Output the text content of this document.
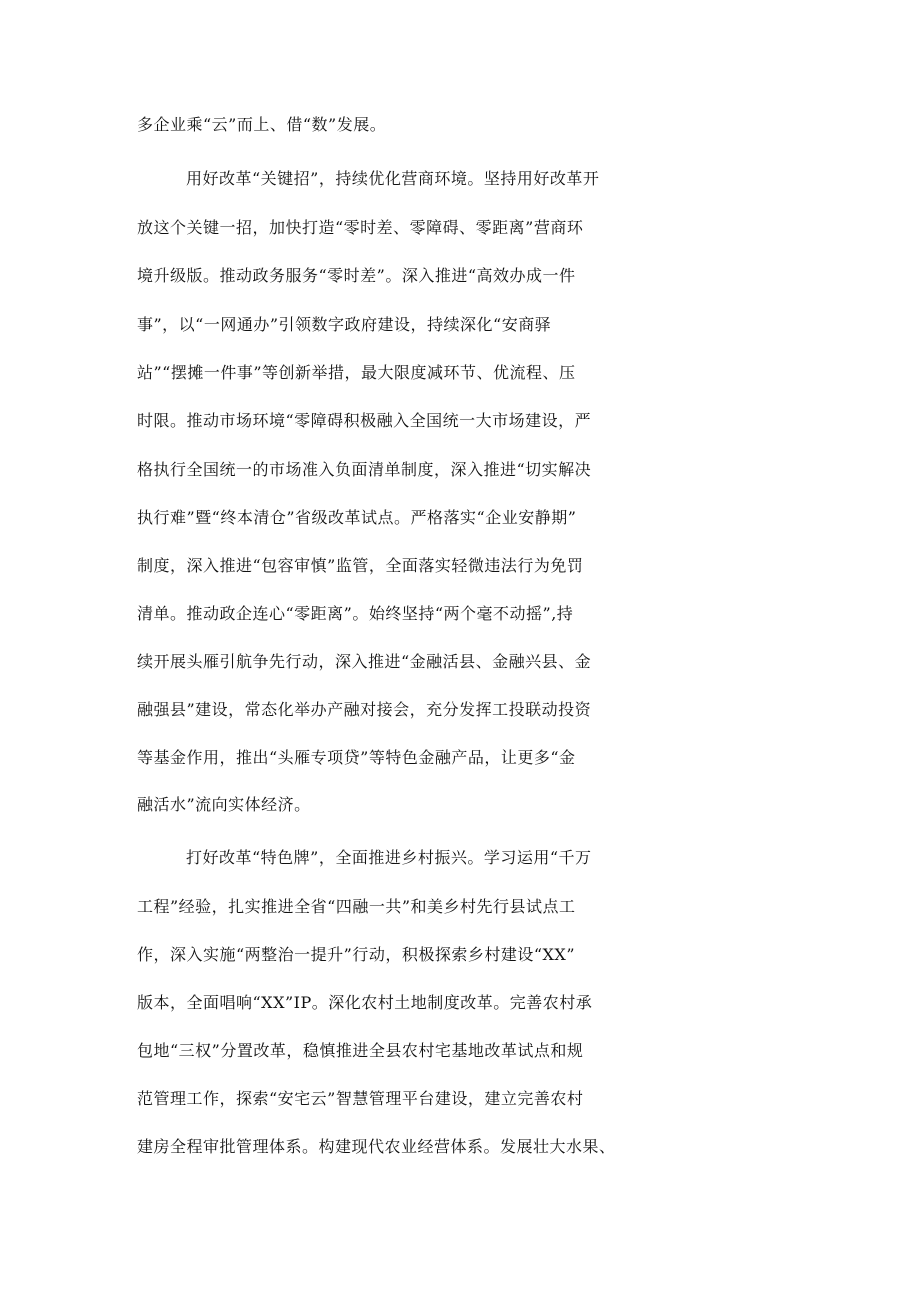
多企业乘“云”而上、借“数”发展。
用好改革“关键招”，持续优化营商环境。坚持用好改革开
放这个关键一招，加快打造“零时差、零障碍、零距离”营商环
境升级版。推动政务服务“零时差”。深入推进“高效办成一件
事”，以“一网通办”引领数字政府建设，持续深化“安商驿
站”“摆摊一件事”等创新举措，最大限度减环节、优流程、压
时限。推动市场环境“零障碍积极融入全国统一大市场建设，严
格执行全国统一的市场准入负面清单制度，深入推进“切实解决
执行难”暨“终本清仓”省级改革试点。严格落实“企业安静期”
制度，深入推进“包容审慎”监管，全面落实轻微违法行为免罚
清单。推动政企连心“零距离”。始终坚持“两个毫不动摇”,持
续开展头雁引航争先行动，深入推进“金融活县、金融兴县、金
融强县”建设，常态化举办产融对接会，充分发挥工投联动投资
等基金作用，推出“头雁专项贷”等特色金融产品，让更多“金
融活水”流向实体经济。
打好改革“特色牌”，全面推进乡村振兴。学习运用“千万
工程”经验，扎实推进全省“四融一共”和美乡村先行县试点工
作，深入实施“两整治一提升”行动，积极探索乡村建设“XX”
版本，全面唱响“XX”IP。深化农村土地制度改革。完善农村承
包地“三权”分置改革，稳慎推进全县农村宅基地改革试点和规
范管理工作，探索“安宅云”智慧管理平台建设，建立完善农村
建房全程审批管理体系。构建现代农业经营体系。发展壮大水果、
